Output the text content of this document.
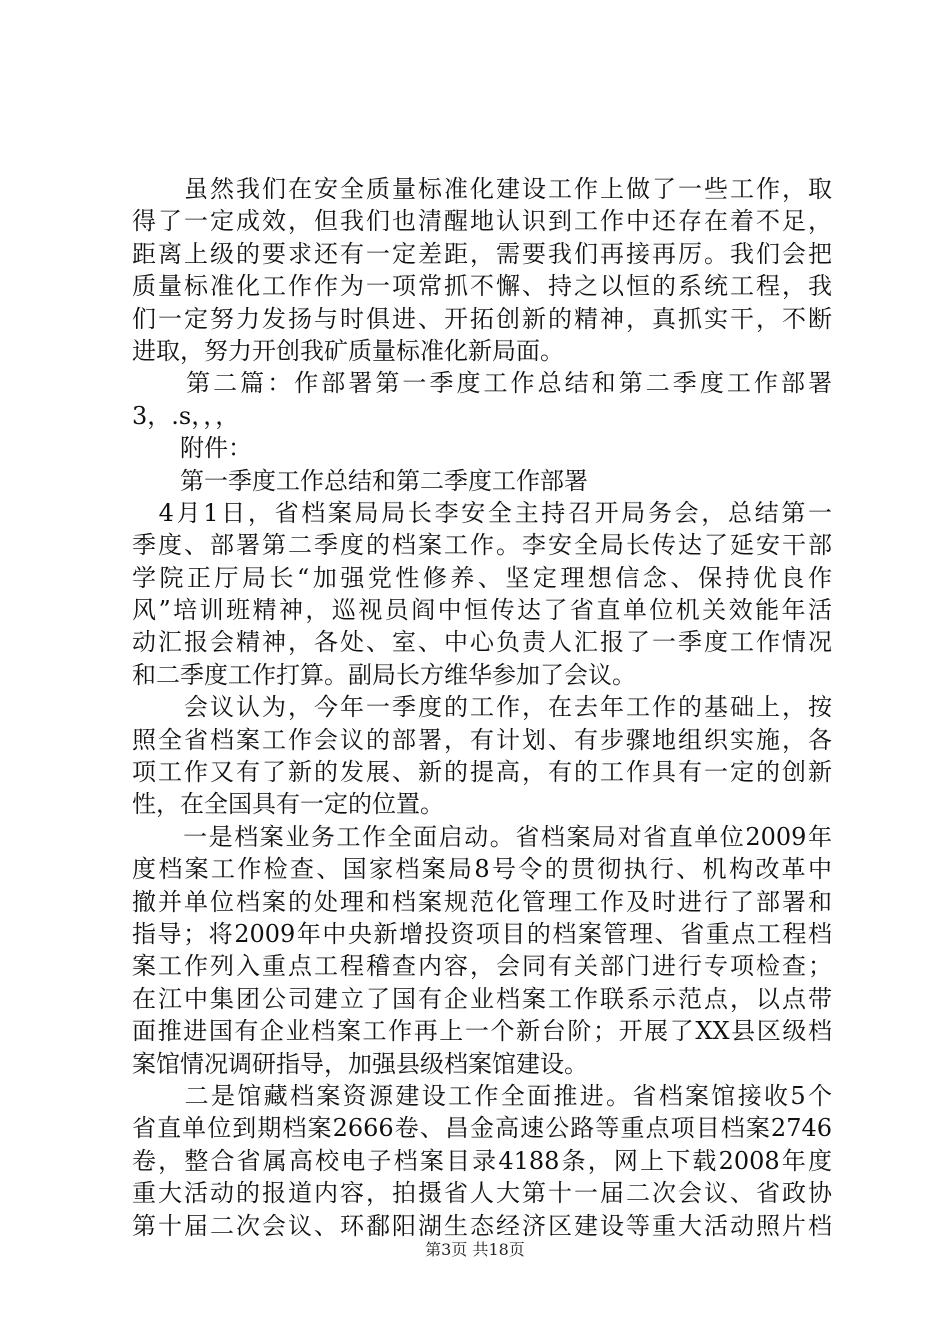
　　虽然我们在安全质量标准化建设工作上做了一些工作，取
得了一定成效，但我们也清醒地认识到工作中还存在着不足，
距离上级的要求还有一定差距，需要我们再接再厉。我们会把
质量标准化工作作为一项常抓不懈、持之以恒的系统工程，我
们一定努力发扬与时俱进、开拓创新的精神，真抓实干，不断
进取，努力开创我矿质量标准化新局面。
　　第二篇：作部署第一季度工作总结和第二季度工作部署
3，.s，，，
　　附件：
　　第一季度工作总结和第二季度工作部署
　4月1日，省档案局局长李安全主持召开局务会，总结第一
季度、部署第二季度的档案工作。李安全局长传达了延安干部
学院正厅局长“加强党性修养、坚定理想信念、保持优良作
风”培训班精神，巡视员阎中恒传达了省直单位机关效能年活
动汇报会精神，各处、室、中心负责人汇报了一季度工作情况
和二季度工作打算。副局长方维华参加了会议。
　　会议认为，今年一季度的工作，在去年工作的基础上，按
照全省档案工作会议的部署，有计划、有步骤地组织实施，各
项工作又有了新的发展、新的提高，有的工作具有一定的创新
性，在全国具有一定的位置。
　　一是档案业务工作全面启动。省档案局对省直单位2009年
度档案工作检查、国家档案局8号令的贯彻执行、机构改革中
撤并单位档案的处理和档案规范化管理工作及时进行了部署和
指导；将2009年中央新增投资项目的档案管理、省重点工程档
案工作列入重点工程稽查内容，会同有关部门进行专项检查；
在江中集团公司建立了国有企业档案工作联系示范点，以点带
面推进国有企业档案工作再上一个新台阶；开展了XX县区级档
案馆情况调研指导，加强县级档案馆建设。
　　二是馆藏档案资源建设工作全面推进。省档案馆接收5个
省直单位到期档案2666卷、昌金高速公路等重点项目档案2746
卷，整合省属高校电子档案目录4188条，网上下载2008年度
重大活动的报道内容，拍摄省人大第十一届二次会议、省政协
第十届二次会议、环鄱阳湖生态经济区建设等重大活动照片档
第3页 共18页
